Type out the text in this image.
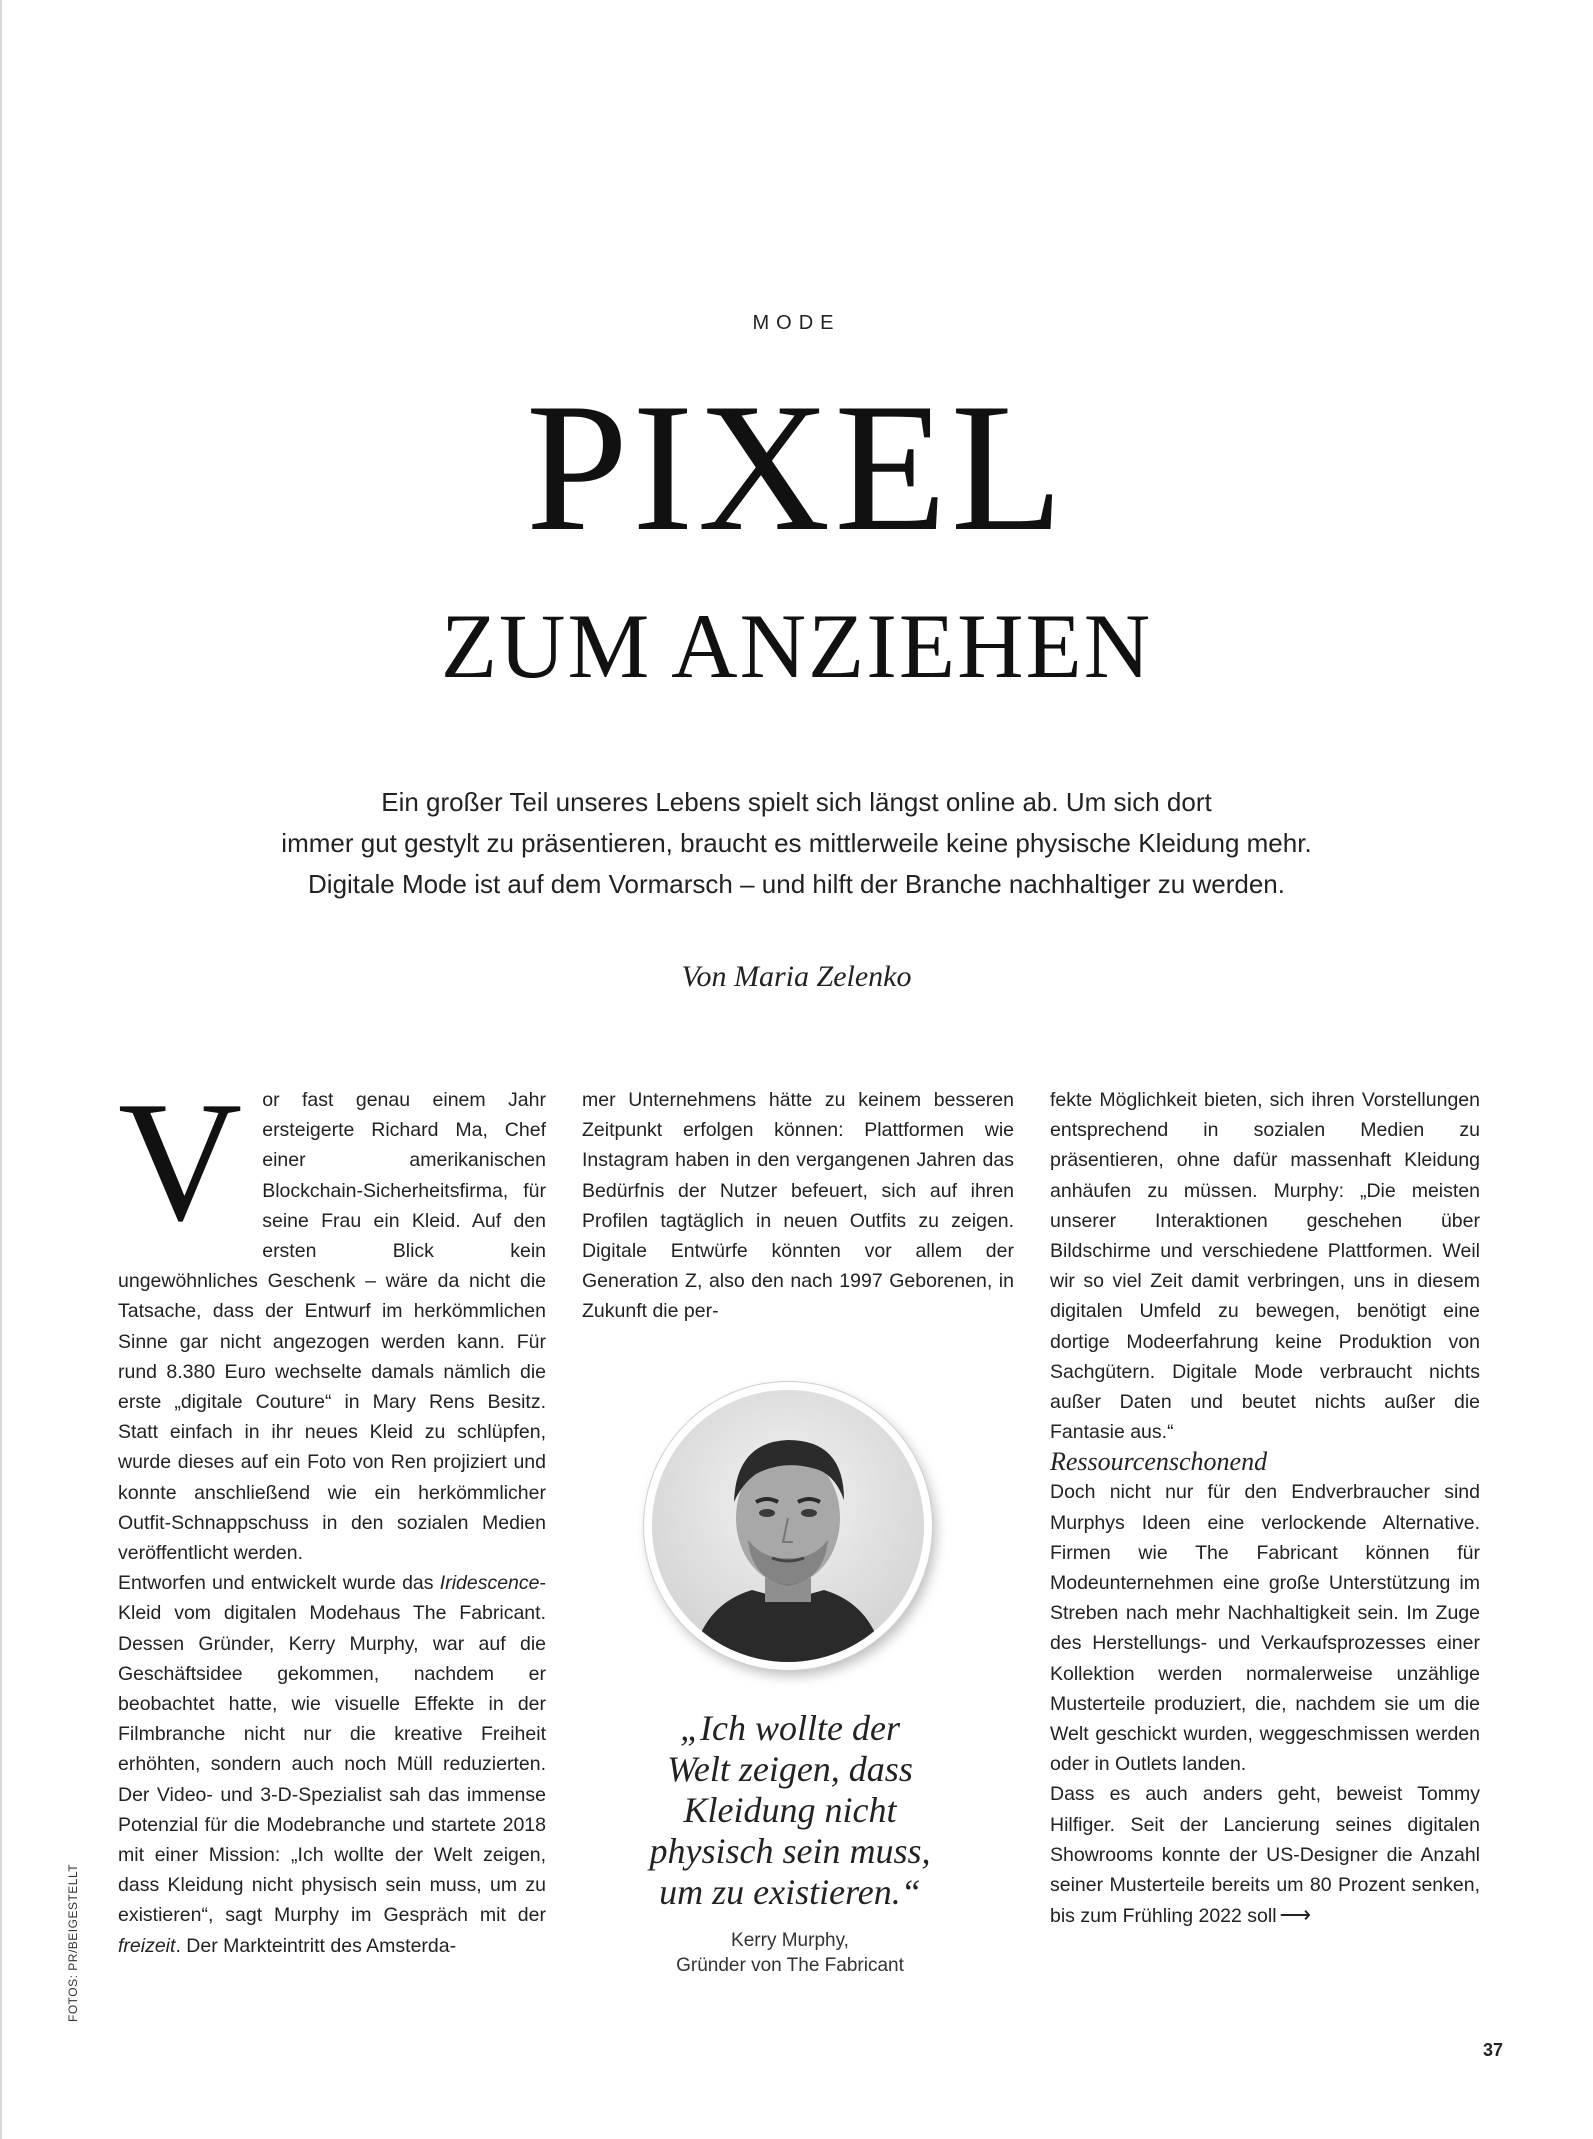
MODE
PIXEL
ZUM ANZIEHEN
Ein großer Teil unseres Lebens spielt sich längst online ab. Um sich dort
immer gut gestylt zu präsentieren, braucht es mittlerweile keine physische Kleidung mehr.
Digitale Mode ist auf dem Vormarsch – und hilft der Branche nachhaltiger zu werden.
Von Maria Zelenko
V	or fast genau einem Jahr ersteigerte Richard Ma, Chef einer amerikanischen Blockchain-Sicherheitsfirma, für seine Frau ein Kleid. Auf den ersten Blick kein ungewöhnliches Geschenk – wäre da nicht die Tatsache, dass der Entwurf im herkömmlichen Sinne gar nicht angezogen werden kann. Für rund 8.380 Euro wechselte damals nämlich die erste „digitale Couture“ in Mary Rens Besitz. Statt einfach in ihr neues Kleid zu schlüpfen, wurde dieses auf ein Foto von Ren projiziert und konnte anschließend wie ein herkömmlicher Outfit-Schnappschuss in den sozialen Medien veröffentlicht werden.

Entworfen und entwickelt wurde das Iridescence-Kleid vom digitalen Modehaus The Fabricant. Dessen Gründer, Kerry Murphy, war auf die Geschäftsidee gekommen, nachdem er beobachtet hatte, wie visuelle Effekte in der Filmbranche nicht nur die kreative Freiheit erhöhten, sondern auch noch Müll reduzierten. Der Video- und 3-D-Spezialist sah das immense Potenzial für die Modebranche und startete 2018 mit einer Mission: „Ich wollte der Welt zeigen, dass Kleidung nicht physisch sein muss, um zu existieren“, sagt Murphy im Gespräch mit der freizeit. Der Markteintritt des Amsterda-

mer Unternehmens hätte zu keinem besseren Zeitpunkt erfolgen können: Plattformen wie Instagram haben in den vergangenen Jahren das Bedürfnis der Nutzer befeuert, sich auf ihren Profilen tagtäglich in neuen Outfits zu zeigen. Digitale Entwürfe könnten vor allem der Generation Z, also den nach 1997 Geborenen, in Zukunft die per-

„Ich wollte der
Welt zeigen, dass
Kleidung nicht
physisch sein muss,
um zu existieren.“
Kerry Murphy,
Gründer von The Fabricant

fekte Möglichkeit bieten, sich ihren Vorstellungen entsprechend in sozialen Medien zu präsentieren, ohne dafür massenhaft Kleidung anhäufen zu müssen. Murphy: „Die meisten unserer Interaktionen geschehen über Bildschirme und verschiedene Plattformen. Weil wir so viel Zeit damit verbringen, uns in diesem digitalen Umfeld zu bewegen, benötigt eine dortige Modeerfahrung keine Produktion von Sachgütern. Digitale Mode verbraucht nichts außer Daten und beutet nichts außer die Fantasie aus.“

Ressourcenschonend

Doch nicht nur für den Endverbraucher sind Murphys Ideen eine verlockende Alternative. Firmen wie The Fabricant können für Modeunternehmen eine große Unterstützung im Streben nach mehr Nachhaltigkeit sein. Im Zuge des Herstellungs- und Verkaufsprozesses einer Kollektion werden normalerweise unzählige Musterteile produziert, die, nachdem sie um die Welt geschickt wurden, weggeschmissen werden oder in Outlets landen.

Dass es auch anders geht, beweist Tommy Hilfiger. Seit der Lancierung seines digitalen Showrooms konnte der US-Designer die Anzahl seiner Musterteile bereits um 80 Prozent senken, bis zum Frühling 2022 soll ⟶

FOTOS: PR/BEIGESTELLT
37
